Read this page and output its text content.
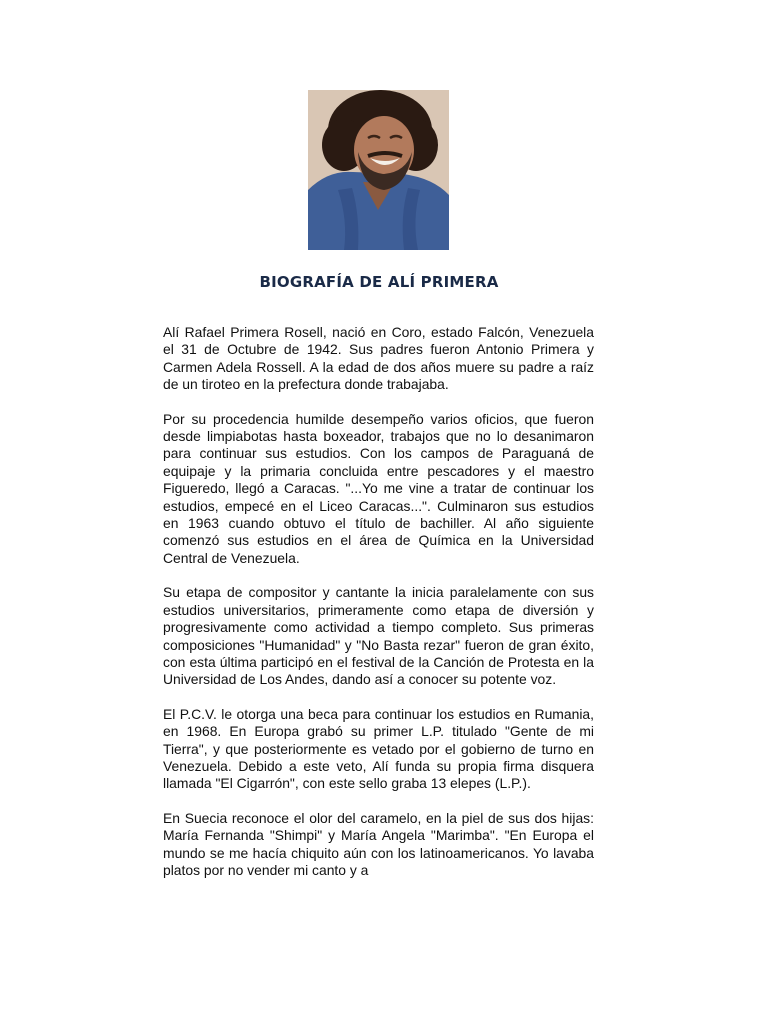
BIOGRAFÍA DE ALÍ PRIMERA

Alí Rafael Primera Rosell, nació en Coro, estado Falcón, Venezuela el 31 de Octubre de 1942. Sus padres fueron Antonio Primera y Carmen Adela Rossell. A la edad de dos años muere su padre a raíz de un tiroteo en la prefectura donde trabajaba.

Por su procedencia humilde desempeño varios oficios, que fueron desde limpiabotas hasta boxeador, trabajos que no lo desanimaron para continuar sus estudios. Con los campos de Paraguaná de equipaje y la primaria concluida entre pescadores y el maestro Figueredo, llegó a Caracas. "...Yo me vine a tratar de continuar los estudios, empecé en el Liceo Caracas...". Culminaron sus estudios en 1963 cuando obtuvo el título de bachiller. Al año siguiente comenzó sus estudios en el área de Química en la Universidad Central de Venezuela.

Su etapa de compositor y cantante la inicia paralelamente con sus estudios universitarios, primeramente como etapa de diversión y progresivamente como actividad a tiempo completo. Sus primeras composiciones "Humanidad" y "No Basta rezar" fueron de gran éxito, con esta última participó en el festival de la Canción de Protesta en la Universidad de Los Andes, dando así a conocer su potente voz.

El P.C.V. le otorga una beca para continuar los estudios en Rumania, en 1968. En Europa grabó su primer L.P. titulado "Gente de mi Tierra", y que posteriormente es vetado por el gobierno de turno en Venezuela. Debido a este veto, Alí funda su propia firma disquera llamada "El Cigarrón", con este sello graba 13 elepes (L.P.).

En Suecia reconoce el olor del caramelo, en la piel de sus dos hijas: María Fernanda "Shimpi" y María Angela "Marimba". "En Europa el mundo se me hacía chiquito aún con los latinoamericanos. Yo lavaba platos por no vender mi canto y a
